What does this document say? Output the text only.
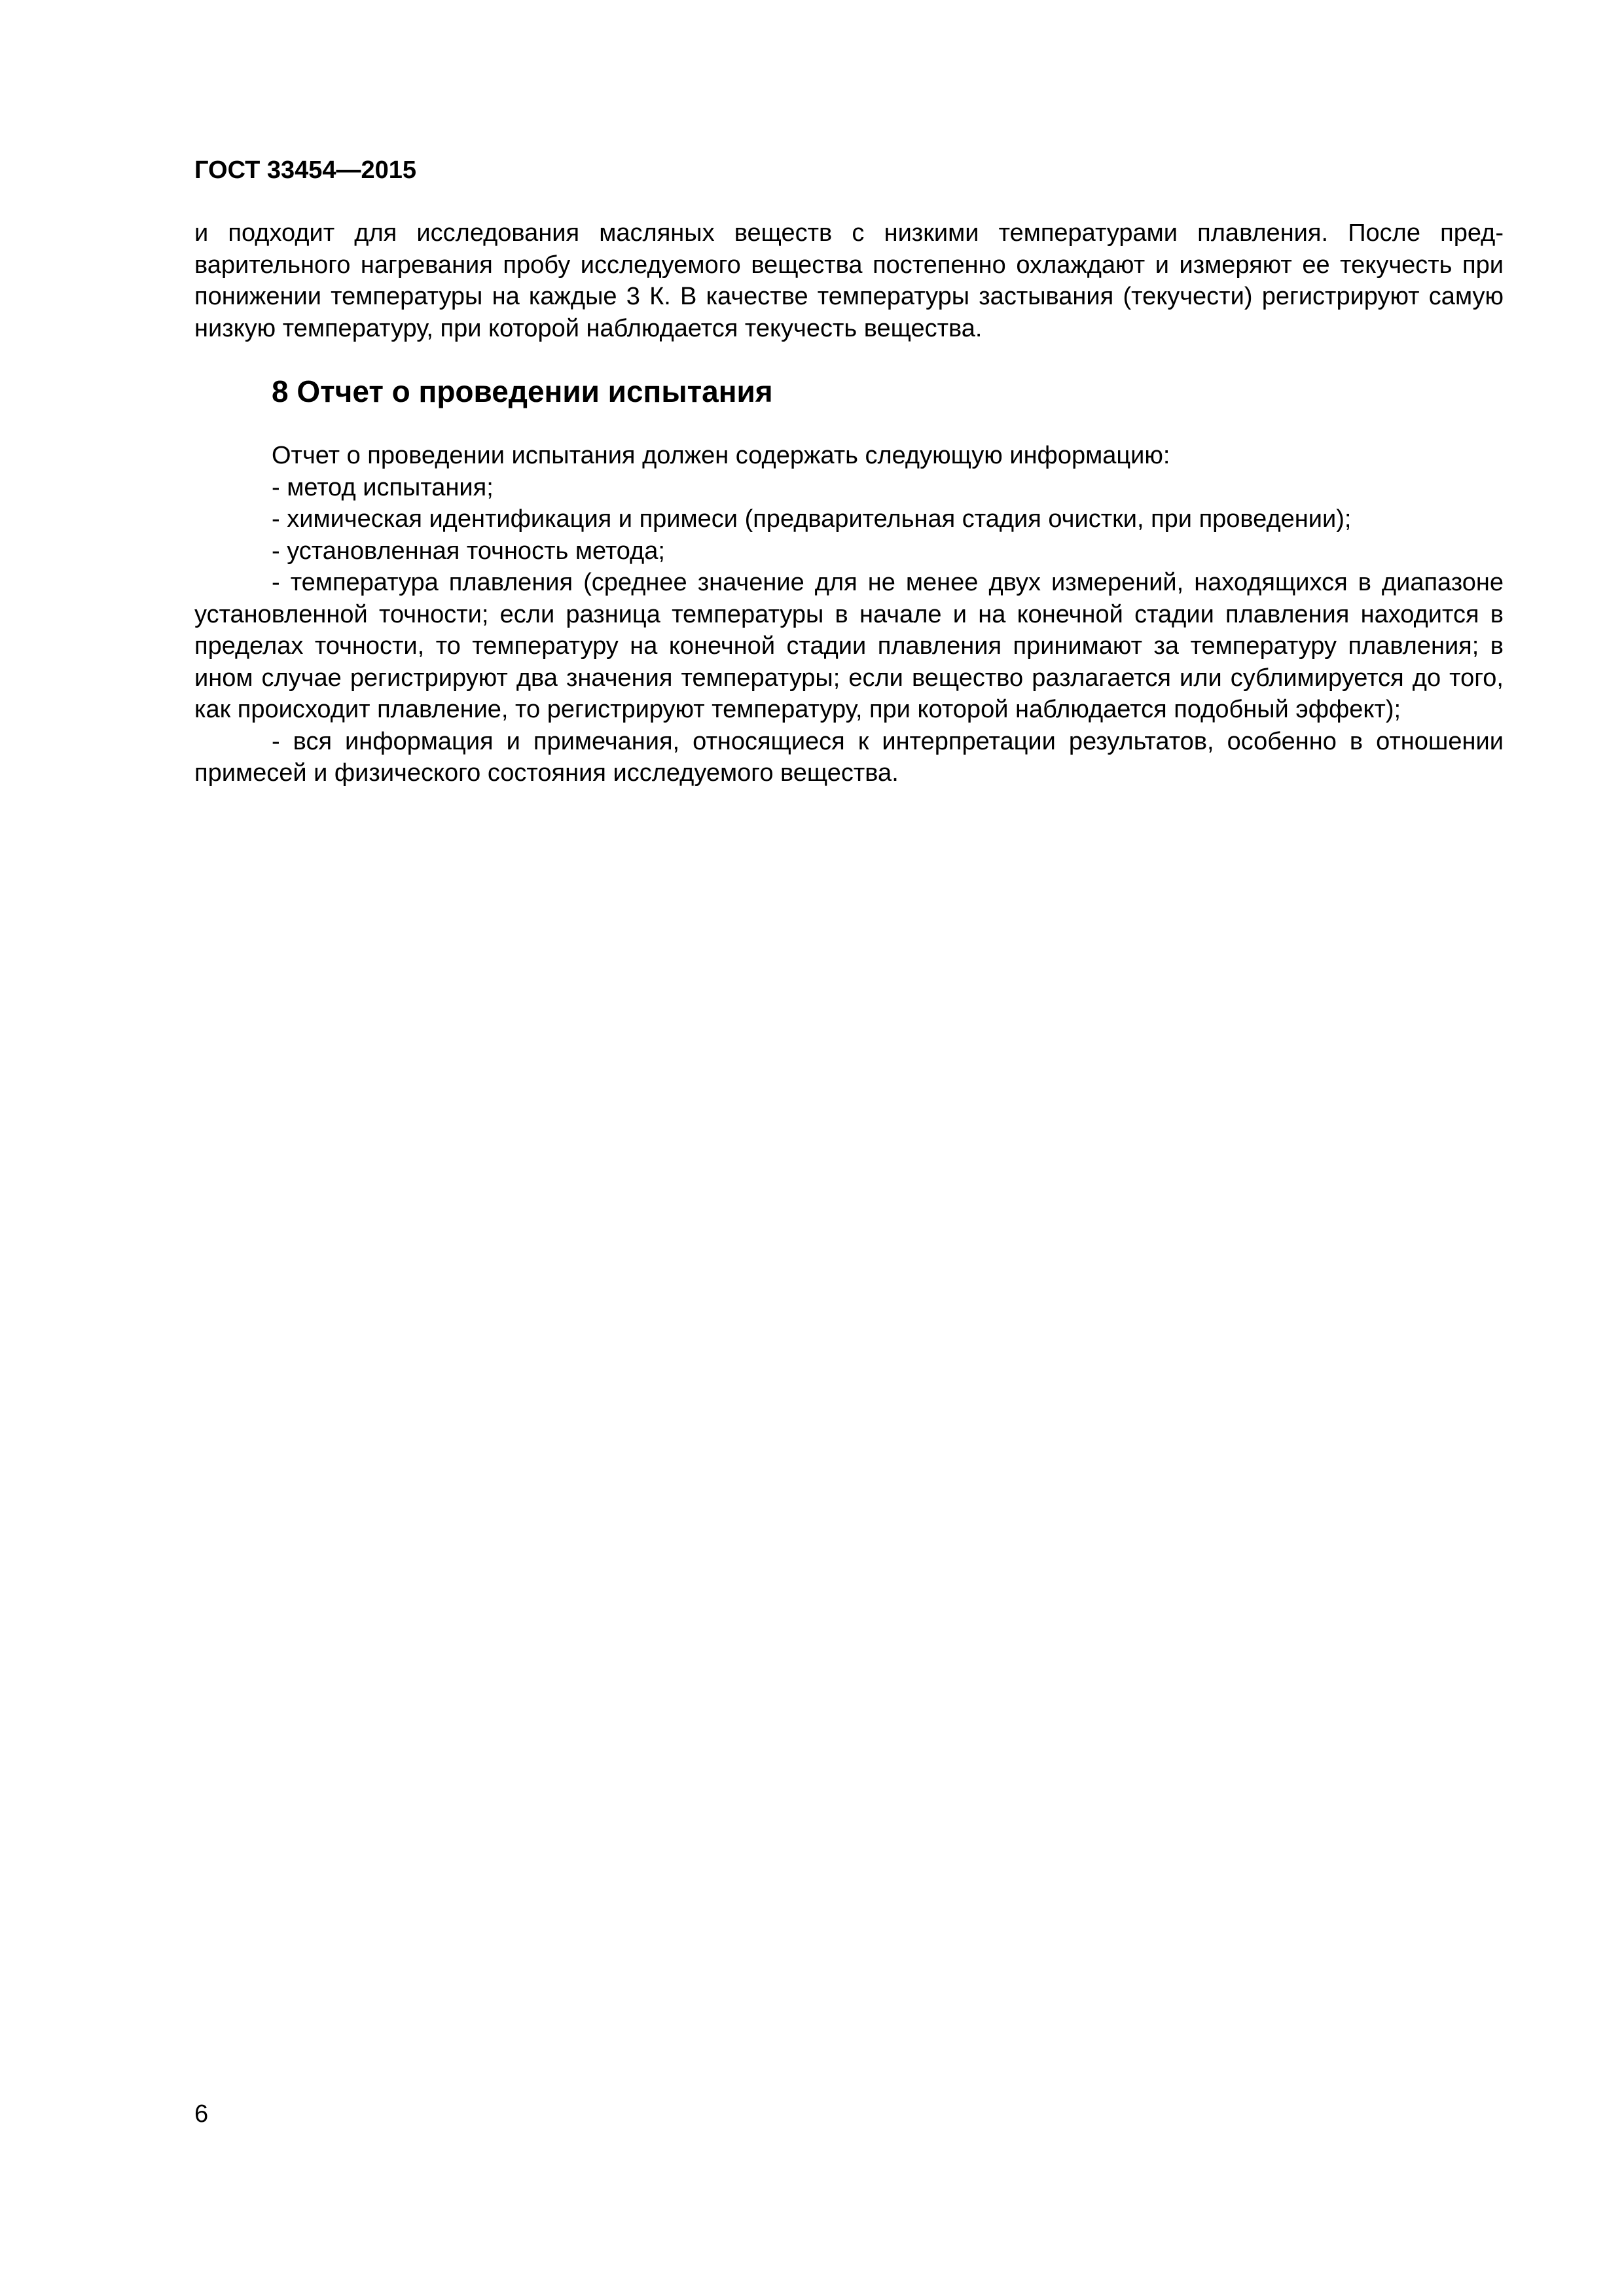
ГОСТ 33454—2015

и подходит для исследования масляных веществ с низкими температурами плавления. После предварительного нагревания пробу исследуемого вещества постепенно охлаждают и измеряют ее текучесть при понижении температуры на каждые 3 К. В качестве температуры застывания (текучести) регистрируют самую низкую температуру, при которой наблюдается текучесть вещества.

8 Отчет о проведении испытания

Отчет о проведении испытания должен содержать следующую информацию:

- метод испытания;

- химическая идентификация и примеси (предварительная стадия очистки, при проведении);

- установленная точность метода;

- температура плавления (среднее значение для не менее двух измерений, находящихся в диапазоне установленной точности; если разница температуры в начале и на конечной стадии плавления находится в пределах точности, то температуру на конечной стадии плавления принимают за температуру плавления; в ином случае регистрируют два значения температуры; если вещество разлагается или сублимируется до того, как происходит плавление, то регистрируют температуру, при которой наблюдается подобный эффект);

- вся информация и примечания, относящиеся к интерпретации результатов, особенно в отношении примесей и физического состояния исследуемого вещества.

6
